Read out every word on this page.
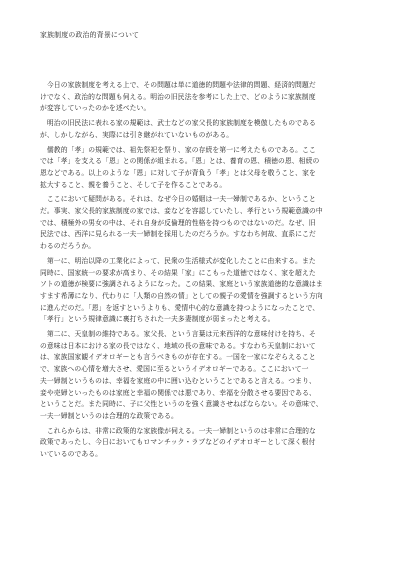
家族制度の政治的背景について
　今日の家族制度を考える上で、その問題は単に道徳的問題や法律的問題、経済的問題だ
けでなく、政治的な問題も伺える。明治の旧民法を参考にした上で、どのように家族制度
が変容していったのかを述べたい。
　明治の旧民法に表れる家の規範は、武士などの家父長的家族制度を模倣したものである
が、しかしながら、実際には引き継がれていないものがある。
　儒教的「孝」の規範では、祖先祭祀を祭り、家の存続を第一に考えたものである。ここ
では「孝」を支える「恩」との関係が組まれる。「恩」とは、養育の恩、積徳の恩、相続の
恩などである。以上のような「恩」に対して子が背負う「孝」とは父母を敬うこと、家を
拡大すること、親を養うこと、そして子を作ることである。
　ここにおいて疑問がある。それは、なぜ今日の婚姻は一夫一婦制であるか、ということ
だ。事実、家父長的家族制度の家では、妾などを容認していたし、孝行という規範意識の中
では、積極外の男女の中は、それ自身が反倫理的性格を持つものではないのだ。なぜ、旧
民法では、西洋に見られる一夫一婦制を採用したのだろうか。すなわち何故、直系にこだ
わるのだろうか。
　第一に、明治以降の工業化によって、民衆の生活様式が変化したことに由来する。また
同時に、国家統一の要求が高まり、その結果「家」にこもった道徳ではなく、家を超えた
ソトの道徳が検要に強調されるようになった。この結果、家庭という家族道徳的な意識はま
すます希薄になり、代わりに「人類の自然の情」としての親子の愛情を強調するという方向
に進んだのだ。「恩」を返すというよりも、愛情中心的な意識を持つようになったことで、
「孝行」という規律意識に裏打ちされた一夫多妻制度が弱まったと考える。
　第二に、天皇制の維持である。家父長、という言葉は元来西洋的な意味付けを持ち、そ
の意味は日本における家の長ではなく、地域の長の意味である。すなわち天皇制において
は、家族国家観イデオロギーとも言うべきものが存在する。一国を一家になぞらえること
で、家族への心情を増大させ、愛国に至るというイデオロギーである。ここにおいて一
夫一婦制というものは、幸福を家庭の中に囲い込むということであると言える。つまり、
妾や売婦といったものは家庭と幸福の関係では悪であり、幸福を分散させる要因である、
ということだ。また同時に、子に父性というのを強く意識させねばならない。その意味で、
一夫一婦制というのは合理的な政策である。
　これらからは、非常に政策的な家族像が伺える。一夫一婦制というのは非常に合理的な
政策であったし、今日においてもロマンチック・ラブなどのイデオロギーとして深く根付
いているのである。
